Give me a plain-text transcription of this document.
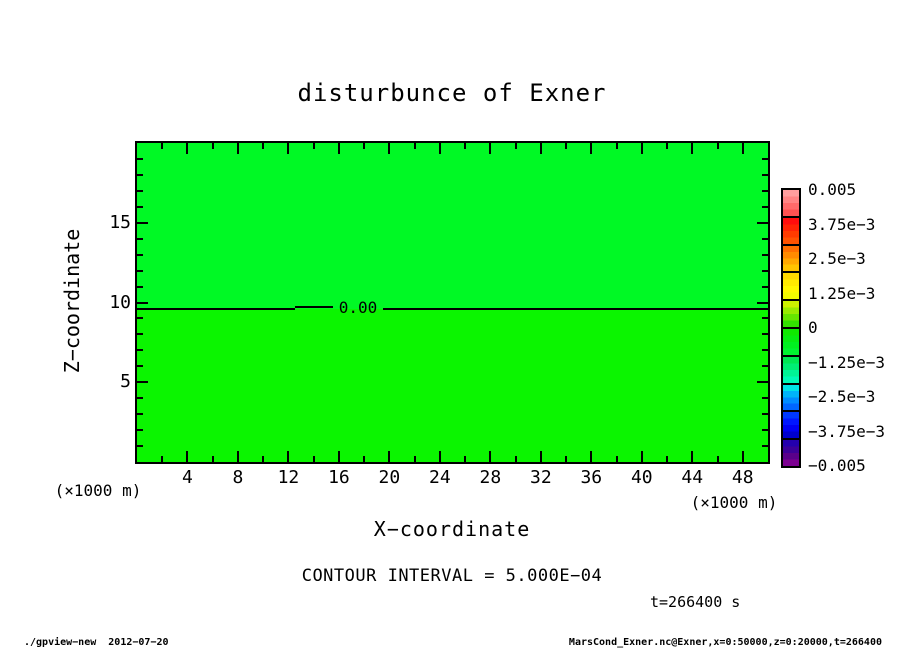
disturbunce of Exner
0.00
Z−coordinate
X−coordinate
(×1000 m)
(×1000 m)
CONTOUR INTERVAL = 5.000E−04
t=266400 s
./gpview−new  2012−07−20	MarsCond_Exner.nc@Exner,x=0:50000,z=0:20000,t=266400
4	8	12	16	20	24	28	32	36	40	44	48
5
10
15
0.005
3.75e−3
2.5e−3
1.25e−3
0
−1.25e−3
−2.5e−3
−3.75e−3
−0.005
